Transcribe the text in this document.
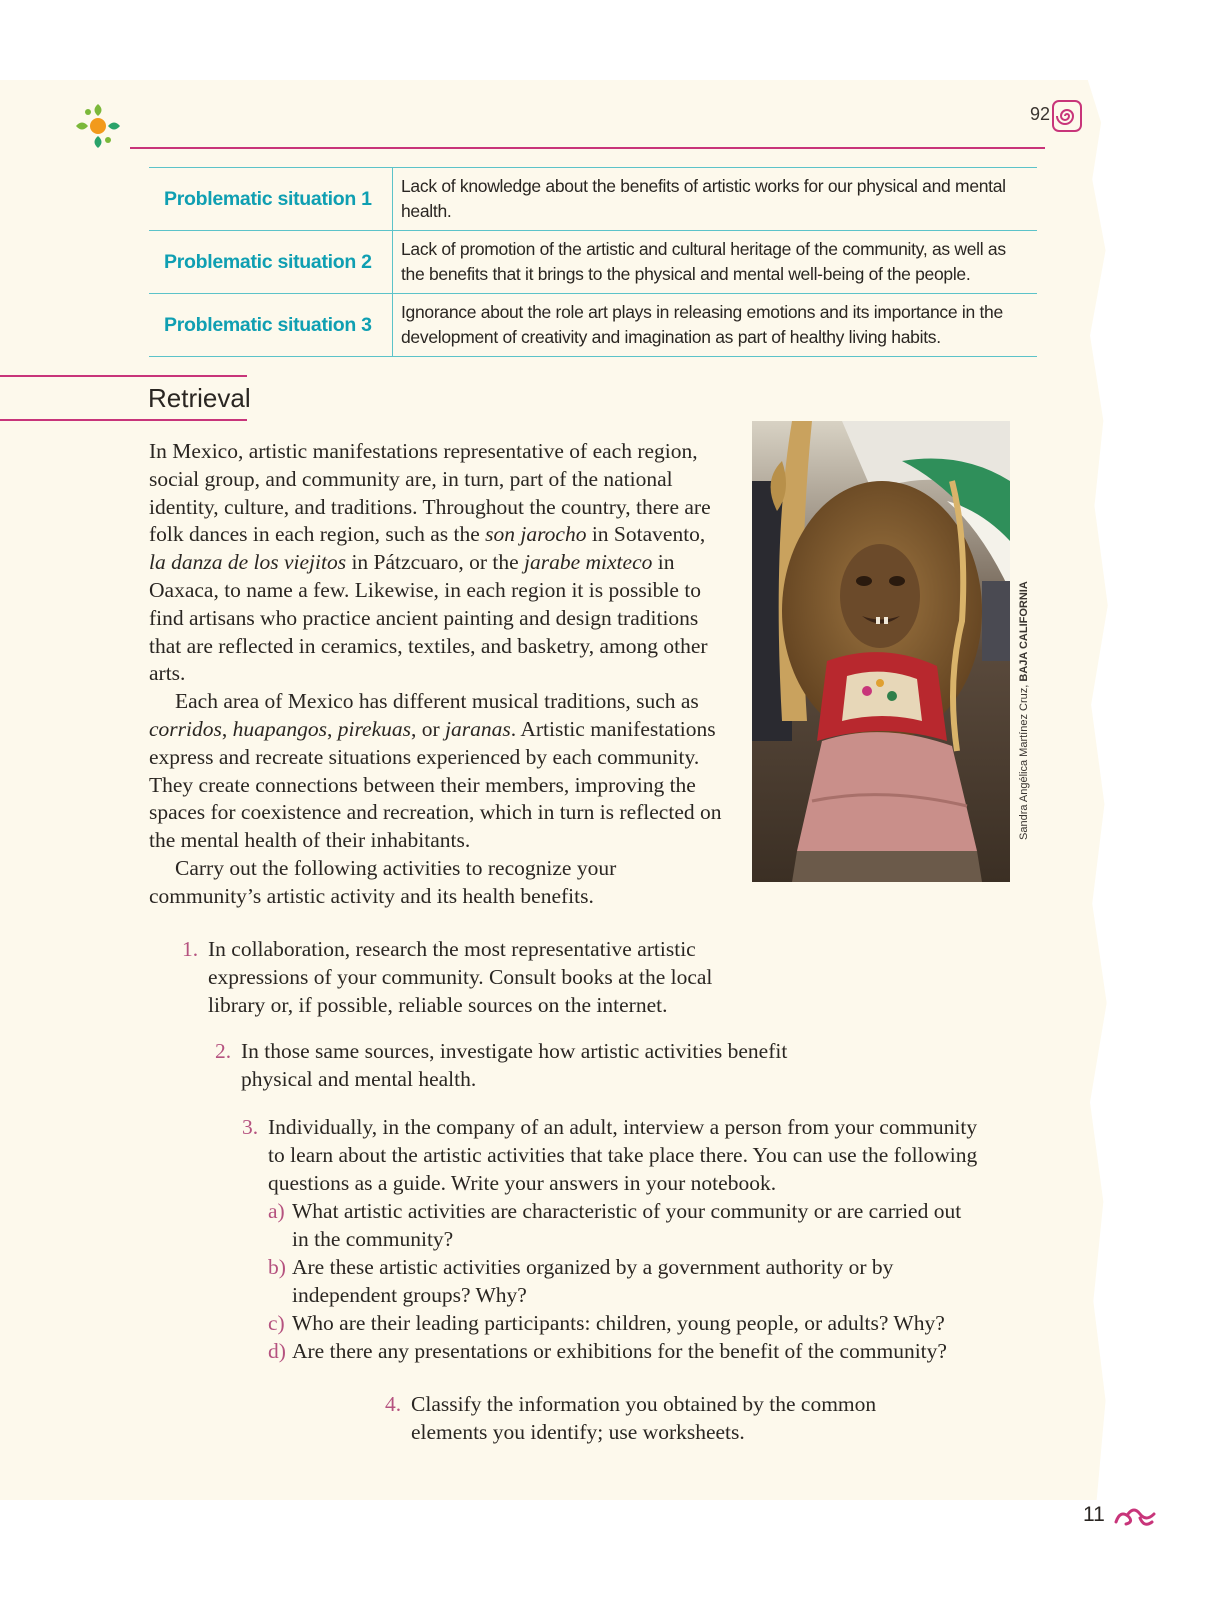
92
Problematic situation 1	Lack of knowledge about the benefits of artistic works for our physical and mental health.
Problematic situation 2	Lack of promotion of the artistic and cultural heritage of the community, as well as the benefits that it brings to the physical and mental well-being of the people.
Problematic situation 3	Ignorance about the role art plays in releasing emotions and its importance in the development of creativity and imagination as part of healthy living habits.
Retrieval

In Mexico, artistic manifestations representative of each region, social group, and community are, in turn, part of the national identity, culture, and traditions. Throughout the country, there are folk dances in each region, such as the son jarocho in Sotavento, la danza de los viejitos in Pátzcuaro, or the jarabe mixteco in Oaxaca, to name a few. Likewise, in each region it is possible to find artisans who practice ancient painting and design traditions that are reflected in ceramics, textiles, and basketry, among other arts.

Each area of Mexico has different musical traditions, such as corridos, huapangos, pirekuas, or jaranas. Artistic manifestations express and recreate situations experienced by each community. They create connections between their members, improving the spaces for coexistence and recreation, which in turn is reflected on the mental health of their inhabitants.

Carry out the following activities to recognize your community’s artistic activity and its health benefits.

Sandra Angélica Martínez Cruz, BAJA CALIFORNIA
1. In collaboration, research the most representative artistic expressions of your community. Consult books at the local library or, if possible, reliable sources on the internet.
2. In those same sources, investigate how artistic activities benefit physical and mental health.
3. Individually, in the company of an adult, interview a person from your community to learn about the artistic activities that take place there. You can use the following questions as a guide. Write your answers in your notebook.
a) What artistic activities are characteristic of your community or are carried out in the community?
b) Are these artistic activities organized by a government authority or by independent groups? Why?
c) Who are their leading participants: children, young people, or adults? Why?
d) Are there any presentations or exhibitions for the benefit of the community?
4. Classify the information you obtained by the common elements you identify; use worksheets.
11
